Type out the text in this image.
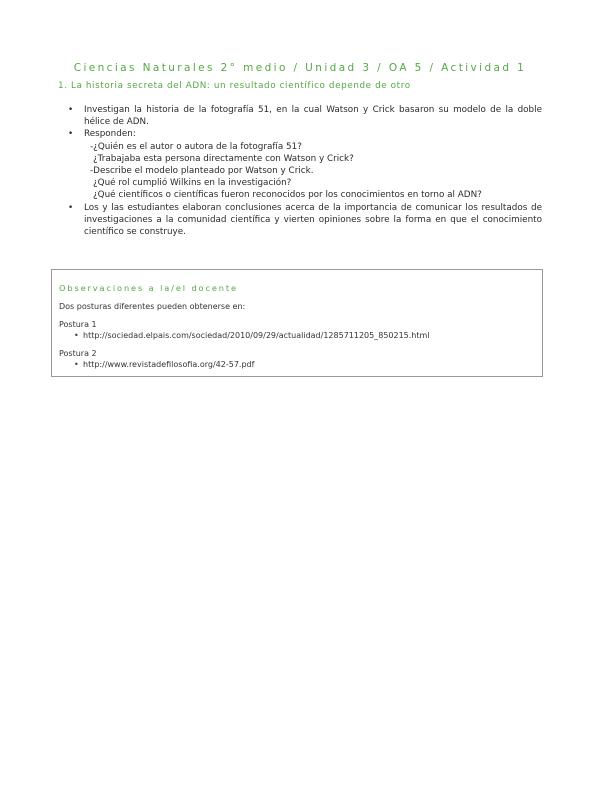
Ciencias Naturales 2° medio / Unidad 3 / OA 5 / Actividad 1
1. La historia secreta del ADN: un resultado científico depende de otro
• Investigan la historia de la fotografía 51, en la cual Watson y Crick basaron su modelo de la doble hélice de ADN.
• Responden:
-¿Quién es el autor o autora de la fotografía 51?
¿Trabajaba esta persona directamente con Watson y Crick?
-Describe el modelo planteado por Watson y Crick.
¿Qué rol cumplió Wilkins en la investigación?
¿Qué científicos o científicas fueron reconocidos por los conocimientos en torno al ADN?
• Los y las estudiantes elaboran conclusiones acerca de la importancia de comunicar los resultados de investigaciones a la comunidad científica y vierten opiniones sobre la forma en que el conocimiento científico se construye.
Observaciones a la/el docente
Dos posturas diferentes pueden obtenerse en:
Postura 1
• http://sociedad.elpais.com/sociedad/2010/09/29/actualidad/1285711205_850215.html
Postura 2
• http://www.revistadefilosofia.org/42-57.pdf
